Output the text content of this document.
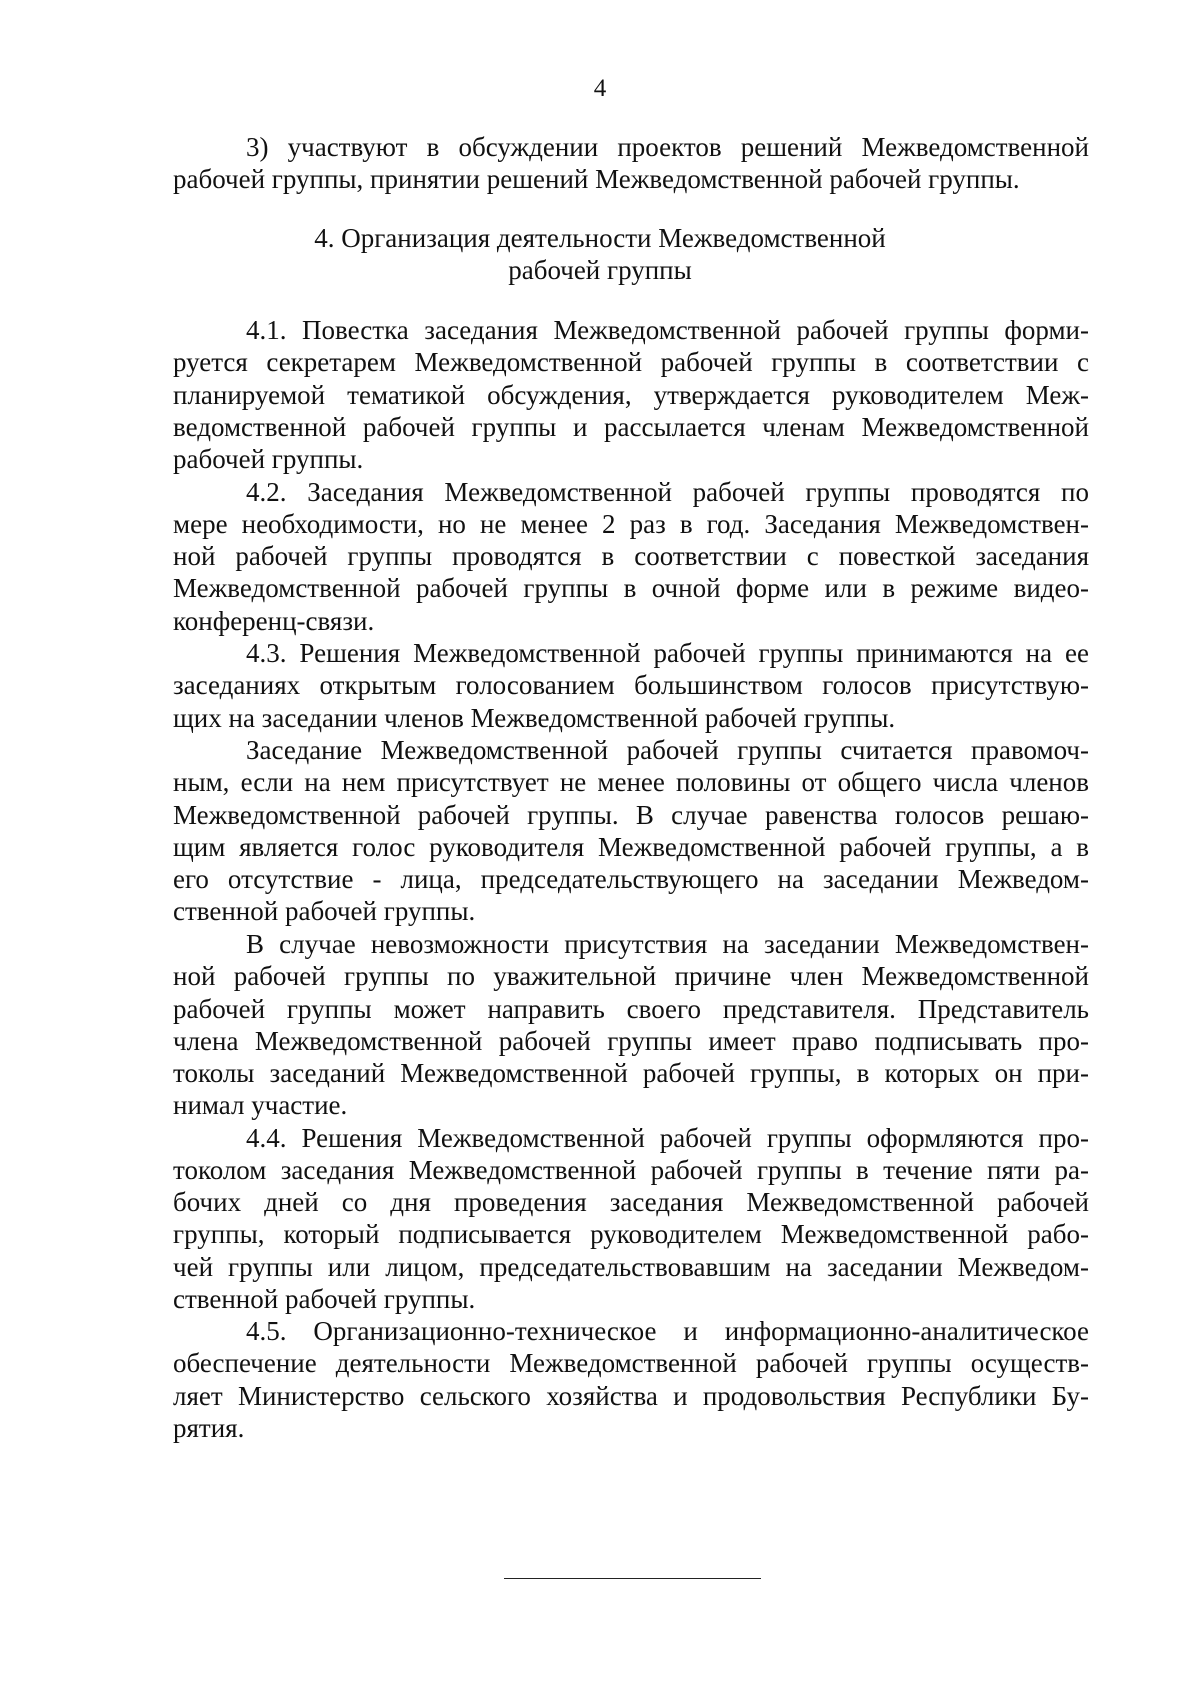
4
3) участвуют в обсуждении проектов решений Межведомственной
рабочей группы, принятии решений Межведомственной рабочей группы.
4. Организация деятельности Межведомственной
рабочей группы
4.1. Повестка заседания Межведомственной рабочей группы форми-
руется секретарем Межведомственной рабочей группы в соответствии с
планируемой тематикой обсуждения, утверждается руководителем Меж-
ведомственной рабочей группы и рассылается членам Межведомственной
рабочей группы.
4.2. Заседания Межведомственной рабочей группы проводятся по
мере необходимости, но не менее 2 раз в год. Заседания Межведомствен-
ной рабочей группы проводятся в соответствии с повесткой заседания
Межведомственной рабочей группы в очной форме или в режиме видео-
конференц-связи.
4.3. Решения Межведомственной рабочей группы принимаются на ее
заседаниях открытым голосованием большинством голосов присутствую-
щих на заседании членов Межведомственной рабочей группы.
Заседание Межведомственной рабочей группы считается правомоч-
ным, если на нем присутствует не менее половины от общего числа членов
Межведомственной рабочей группы. В случае равенства голосов решаю-
щим является голос руководителя Межведомственной рабочей группы, а в
его отсутствие - лица, председательствующего на заседании Межведом-
ственной рабочей группы.
В случае невозможности присутствия на заседании Межведомствен-
ной рабочей группы по уважительной причине член Межведомственной
рабочей группы может направить своего представителя. Представитель
члена Межведомственной рабочей группы имеет право подписывать про-
токолы заседаний Межведомственной рабочей группы, в которых он при-
нимал участие.
4.4. Решения Межведомственной рабочей группы оформляются про-
токолом заседания Межведомственной рабочей группы в течение пяти ра-
бочих дней со дня проведения заседания Межведомственной рабочей
группы, который подписывается руководителем Межведомственной рабо-
чей группы или лицом, председательствовавшим на заседании Межведом-
ственной рабочей группы.
4.5. Организационно-техническое и информационно-аналитическое
обеспечение деятельности Межведомственной рабочей группы осуществ-
ляет Министерство сельского хозяйства и продовольствия Республики Бу-
рятия.
